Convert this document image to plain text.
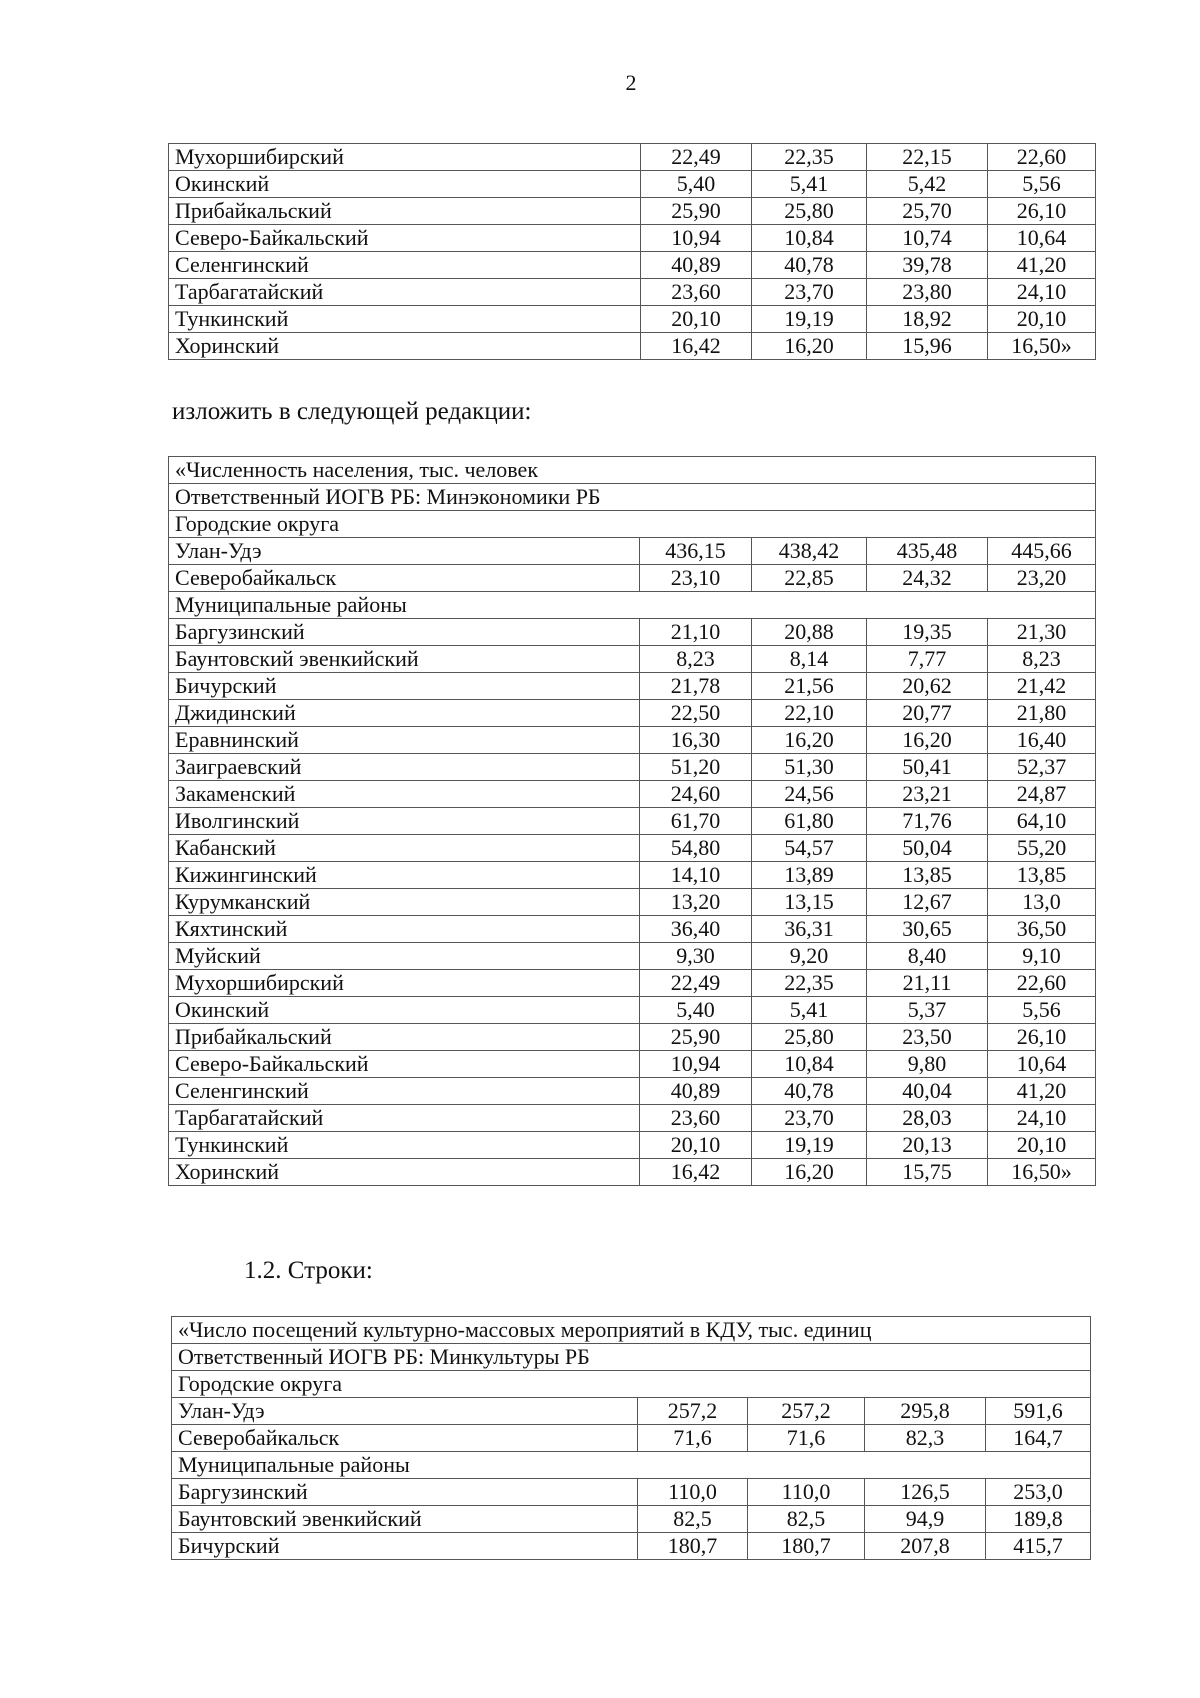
2
Мухоршибирский	22,49	22,35	22,15	22,60
Окинский	5,40	5,41	5,42	5,56
Прибайкальский	25,90	25,80	25,70	26,10
Северо-Байкальский	10,94	10,84	10,74	10,64
Селенгинский	40,89	40,78	39,78	41,20
Тарбагатайский	23,60	23,70	23,80	24,10
Тункинский	20,10	19,19	18,92	20,10
Хоринский	16,42	16,20	15,96	16,50»
изложить в следующей редакции:
«Численность населения, тыс. человек				
Ответственный ИОГВ РБ: Минэкономики РБ				
Городские округа				
Улан-Удэ	436,15	438,42	435,48	445,66
Северобайкальск	23,10	22,85	24,32	23,20
Муниципальные районы				
Баргузинский	21,10	20,88	19,35	21,30
Баунтовский эвенкийский	8,23	8,14	7,77	8,23
Бичурский	21,78	21,56	20,62	21,42
Джидинский	22,50	22,10	20,77	21,80
Еравнинский	16,30	16,20	16,20	16,40
Заиграевский	51,20	51,30	50,41	52,37
Закаменский	24,60	24,56	23,21	24,87
Иволгинский	61,70	61,80	71,76	64,10
Кабанский	54,80	54,57	50,04	55,20
Кижингинский	14,10	13,89	13,85	13,85
Курумканский	13,20	13,15	12,67	13,0
Кяхтинский	36,40	36,31	30,65	36,50
Муйский	9,30	9,20	8,40	9,10
Мухоршибирский	22,49	22,35	21,11	22,60
Окинский	5,40	5,41	5,37	5,56
Прибайкальский	25,90	25,80	23,50	26,10
Северо-Байкальский	10,94	10,84	9,80	10,64
Селенгинский	40,89	40,78	40,04	41,20
Тарбагатайский	23,60	23,70	28,03	24,10
Тункинский	20,10	19,19	20,13	20,10
Хоринский	16,42	16,20	15,75	16,50»
1.2. Строки:
«Число посещений культурно-массовых мероприятий в КДУ, тыс. единиц				
Ответственный ИОГВ РБ: Минкультуры РБ				
Городские округа				
Улан-Удэ	257,2	257,2	295,8	591,6
Северобайкальск	71,6	71,6	82,3	164,7
Муниципальные районы				
Баргузинский	110,0	110,0	126,5	253,0
Баунтовский эвенкийский	82,5	82,5	94,9	189,8
Бичурский	180,7	180,7	207,8	415,7
